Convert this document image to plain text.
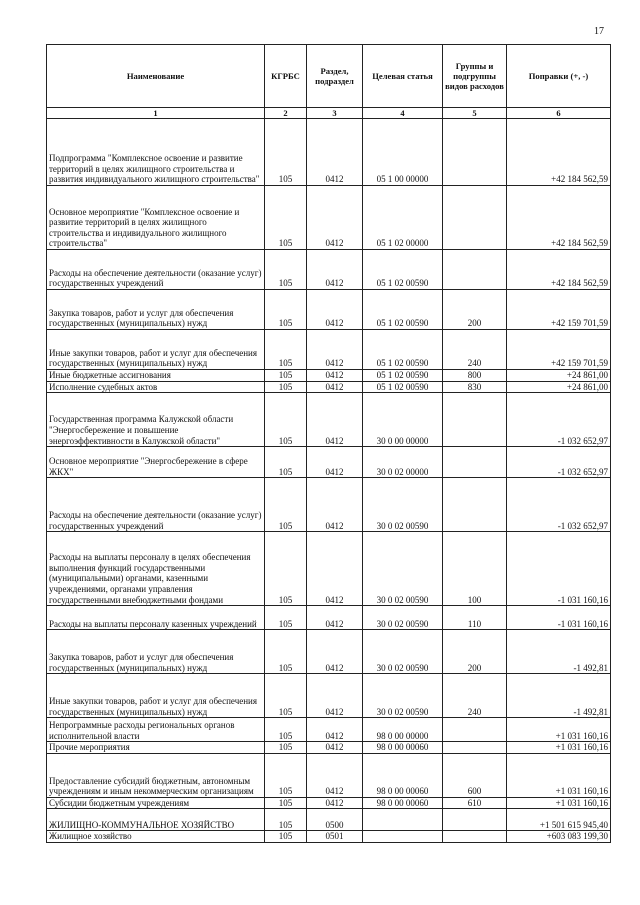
17
Наименование	КГРБС	Раздел, подраздел	Целевая статья	Группы и подгруппы видов расходов	Поправки (+, -)
1	2	3	4	5	6
Подпрограмма "Комплексное освоение и развитие территорий в целях жилищного строительства и развития индивидуального жилищного строительства"	105	0412	05 1 00 00000		+42 184 562,59
Основное мероприятие "Комплексное освоение и развитие территорий в целях жилищного строительства и индивидуального жилищного строительства"	105	0412	05 1 02 00000		+42 184 562,59
Расходы на обеспечение деятельности (оказание услуг) государственных учреждений	105	0412	05 1 02 00590		+42 184 562,59
Закупка товаров, работ и услуг для обеспечения государственных (муниципальных) нужд	105	0412	05 1 02 00590	200	+42 159 701,59
Иные закупки товаров, работ и услуг для обеспечения государственных (муниципальных) нужд	105	0412	05 1 02 00590	240	+42 159 701,59
Иные бюджетные ассигнования	105	0412	05 1 02 00590	800	+24 861,00
Исполнение судебных актов	105	0412	05 1 02 00590	830	+24 861,00
Государственная программа Калужской области "Энергосбережение и повышение энергоэффективности в Калужской области"	105	0412	30 0 00 00000		-1 032 652,97
Основное мероприятие "Энергосбережение в сфере ЖКХ"	105	0412	30 0 02 00000		-1 032 652,97
Расходы на обеспечение деятельности (оказание услуг) государственных учреждений	105	0412	30 0 02 00590		-1 032 652,97
Расходы на выплаты персоналу в целях обеспечения выполнения функций государственными (муниципальными) органами, казенными учреждениями, органами управления государственными внебюджетными фондами	105	0412	30 0 02 00590	100	-1 031 160,16
Расходы на выплаты персоналу казенных учреждений	105	0412	30 0 02 00590	110	-1 031 160,16
Закупка товаров, работ и услуг для обеспечения государственных (муниципальных) нужд	105	0412	30 0 02 00590	200	-1 492,81
Иные закупки товаров, работ и услуг для обеспечения государственных (муниципальных) нужд	105	0412	30 0 02 00590	240	-1 492,81
Непрограммные расходы региональных органов исполнительной власти	105	0412	98 0 00 00000		+1 031 160,16
Прочие мероприятия	105	0412	98 0 00 00060		+1 031 160,16
Предоставление субсидий бюджетным, автономным учреждениям и иным некоммерческим организациям	105	0412	98 0 00 00060	600	+1 031 160,16
Субсидии бюджетным учреждениям	105	0412	98 0 00 00060	610	+1 031 160,16
ЖИЛИЩНО-КОММУНАЛЬНОЕ ХОЗЯЙСТВО	105	0500			+1 501 615 945,40
Жилищное хозяйство	105	0501			+603 083 199,30
